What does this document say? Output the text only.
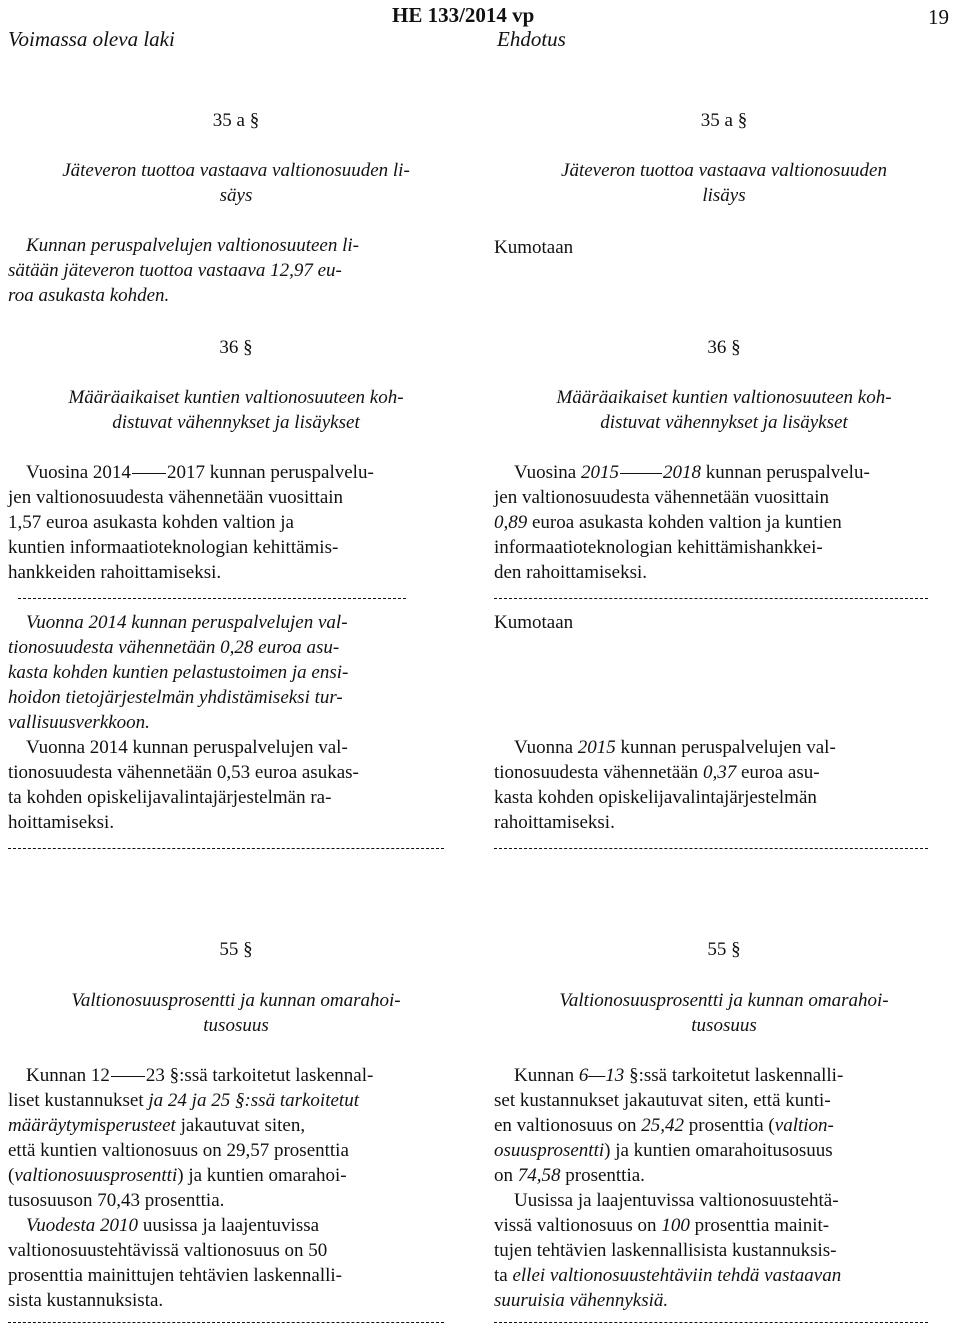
HE 133/2014 vp	19
Voimassa oleva laki	Ehdotus
35 a §
Jäteveron tuottoa vastaava valtionosuuden li-
säys
Kunnan peruspalvelujen valtionosuuteen li-
sätään jäteveron tuottoa vastaava 12,97 eu-
roa asukasta kohden.
35 a §
Jäteveron tuottoa vastaava valtionosuuden
lisäys
Kumotaan
36 §
Määräaikaiset kuntien valtionosuuteen koh-
distuvat vähennykset ja lisäykset
Vuosina 2014 2017 kunnan peruspalvelu-
jen valtionosuudesta vähennetään vuosittain
1,57 euroa asukasta kohden valtion ja
kuntien informaatioteknologian kehittämis-
hankkeiden rahoittamiseksi.
Vuonna 2014 kunnan peruspalvelujen val-
tionosuudesta vähennetään 0,28 euroa asu-
kasta kohden kuntien pelastustoimen ja ensi-
hoidon tietojärjestelmän yhdistämiseksi tur-
vallisuusverkkoon.
Vuonna 2014 kunnan peruspalvelujen val-
tionosuudesta vähennetään 0,53 euroa asukas-
ta kohden opiskelijavalintajärjestelmän ra-
hoittamiseksi.
36 §
Määräaikaiset kuntien valtionosuuteen koh-
distuvat vähennykset ja lisäykset
Vuosina 2015 2018 kunnan peruspalvelu-
jen valtionosuudesta vähennetään vuosittain
0,89 euroa asukasta kohden valtion ja kuntien
informaatioteknologian kehittämishankkei-
den rahoittamiseksi.
Kumotaan
Vuonna 2015 kunnan peruspalvelujen val-
tionosuudesta vähennetään 0,37 euroa asu-
kasta kohden opiskelijavalintajärjestelmän
rahoittamiseksi.
55 §
Valtionosuusprosentti ja kunnan omarahoi-
tusosuus
Kunnan 12 23 §:ssä tarkoitetut laskennal-
liset kustannukset ja 24 ja 25 §:ssä tarkoitetut
määräytymisperusteet jakautuvat siten,
että kuntien valtionosuus on 29,57 prosenttia
(valtionosuusprosentti) ja kuntien omarahoi-
tusosuuson 70,43 prosenttia.
Vuodesta 2010 uusissa ja laajentuvissa
valtionosuustehtävissä valtionosuus on 50
prosenttia mainittujen tehtävien laskennalli-
sista kustannuksista.
55 §
Valtionosuusprosentti ja kunnan omarahoi-
tusosuus
Kunnan 6—13 §:ssä tarkoitetut laskennalli-
set kustannukset jakautuvat siten, että kunti-
en valtionosuus on 25,42 prosenttia (valtion-
osuusprosentti) ja kuntien omarahoitusosuus
on 74,58 prosenttia.
Uusissa ja laajentuvissa valtionosuustehtä-
vissä valtionosuus on 100 prosenttia mainit-
tujen tehtävien laskennallisista kustannuksis-
ta ellei valtionosuustehtäviin tehdä vastaavan
suuruisia vähennyksiä.
